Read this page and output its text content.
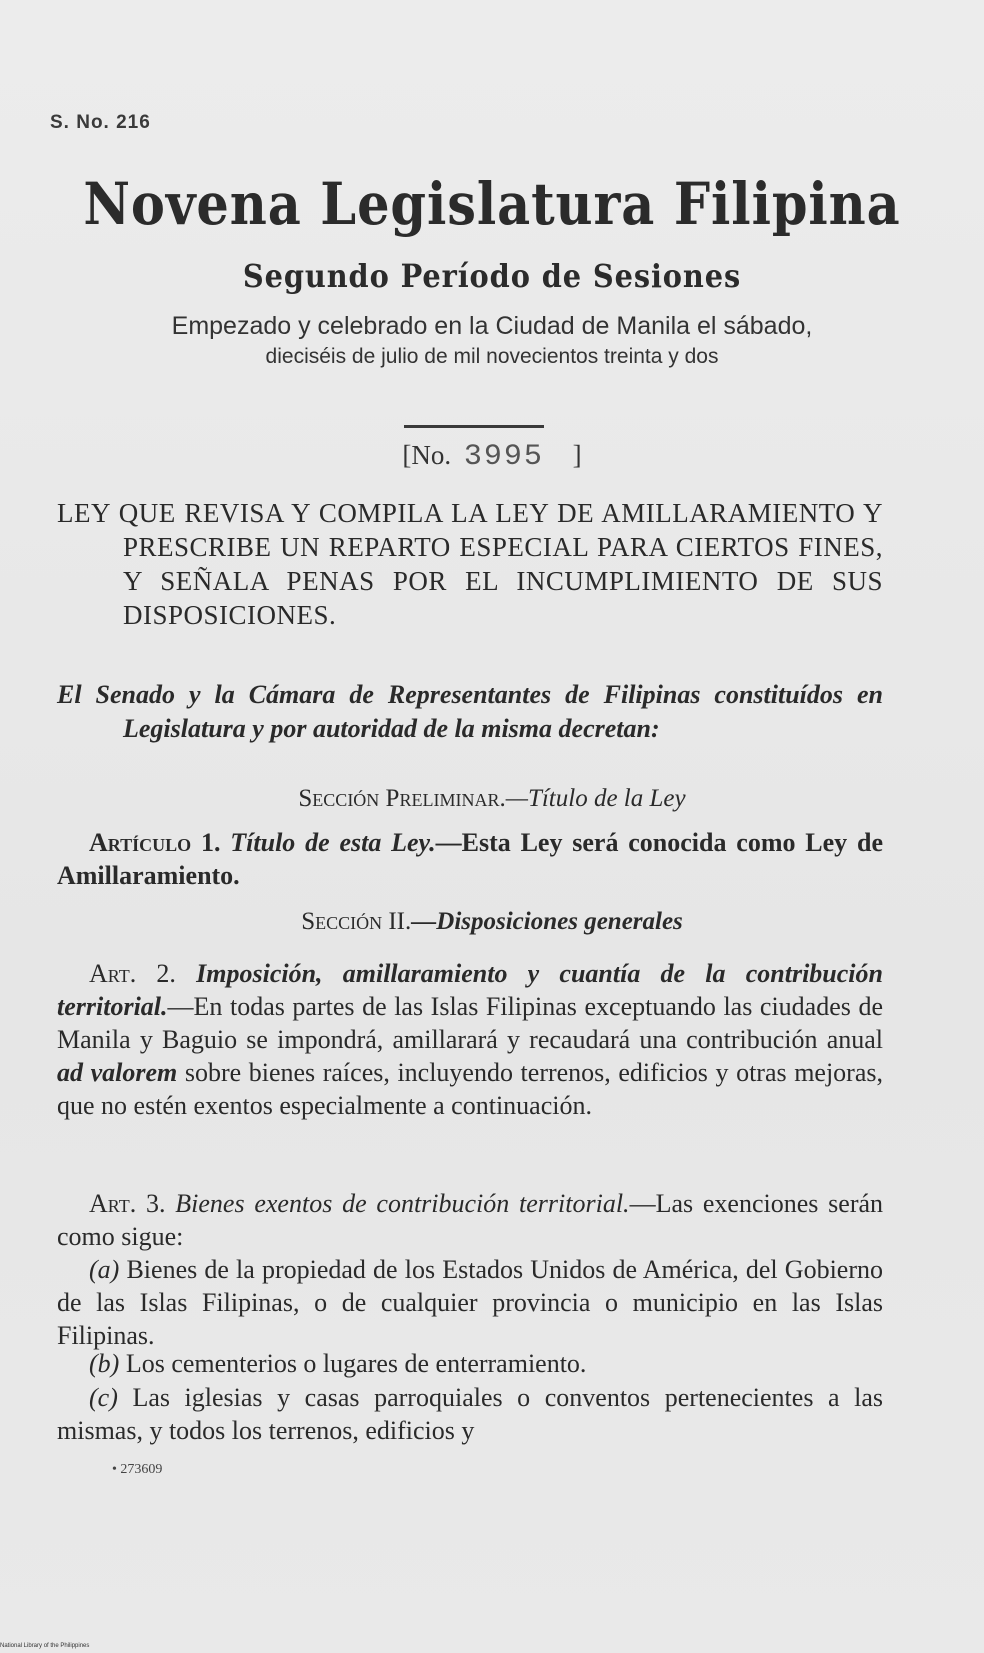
S. No. 216
Novena Legislatura Filipina
Segundo Período de Sesiones
Empezado y celebrado en la Ciudad de Manila el sábado,
dieciséis de julio de mil novecientos treinta y dos
[No. 3995 ]
LEY QUE REVISA Y COMPILA LA LEY DE AMILLARAMIENTO Y PRESCRIBE UN REPARTO ESPECIAL PARA CIERTOS FINES, Y SEÑALA PENAS POR EL INCUMPLIMIENTO DE SUS DISPOSICIONES.
El Senado y la Cámara de Representantes de Filipinas constituídos en Legislatura y por autoridad de la misma decretan:
Sección Preliminar.—Título de la Ley
Artículo 1. Título de esta Ley.—Esta Ley será conocida como Ley de Amillaramiento.
Sección II.—Disposiciones generales
Art. 2. Imposición, amillaramiento y cuantía de la contribución territorial.—En todas partes de las Islas Filipinas exceptuando las ciudades de Manila y Baguio se impondrá, amillarará y recaudará una contribución anual ad valorem sobre bienes raíces, incluyendo terrenos, edificios y otras mejoras, que no estén exentos especialmente a continuación.
Art. 3. Bienes exentos de contribución territorial.—Las exenciones serán como sigue:
(a) Bienes de la propiedad de los Estados Unidos de América, del Gobierno de las Islas Filipinas, o de cualquier provincia o municipio en las Islas Filipinas.
(b) Los cementerios o lugares de enterramiento.
(c) Las iglesias y casas parroquiales o conventos pertenecientes a las mismas, y todos los terrenos, edificios y
• 273609
National Library of the Philippines
